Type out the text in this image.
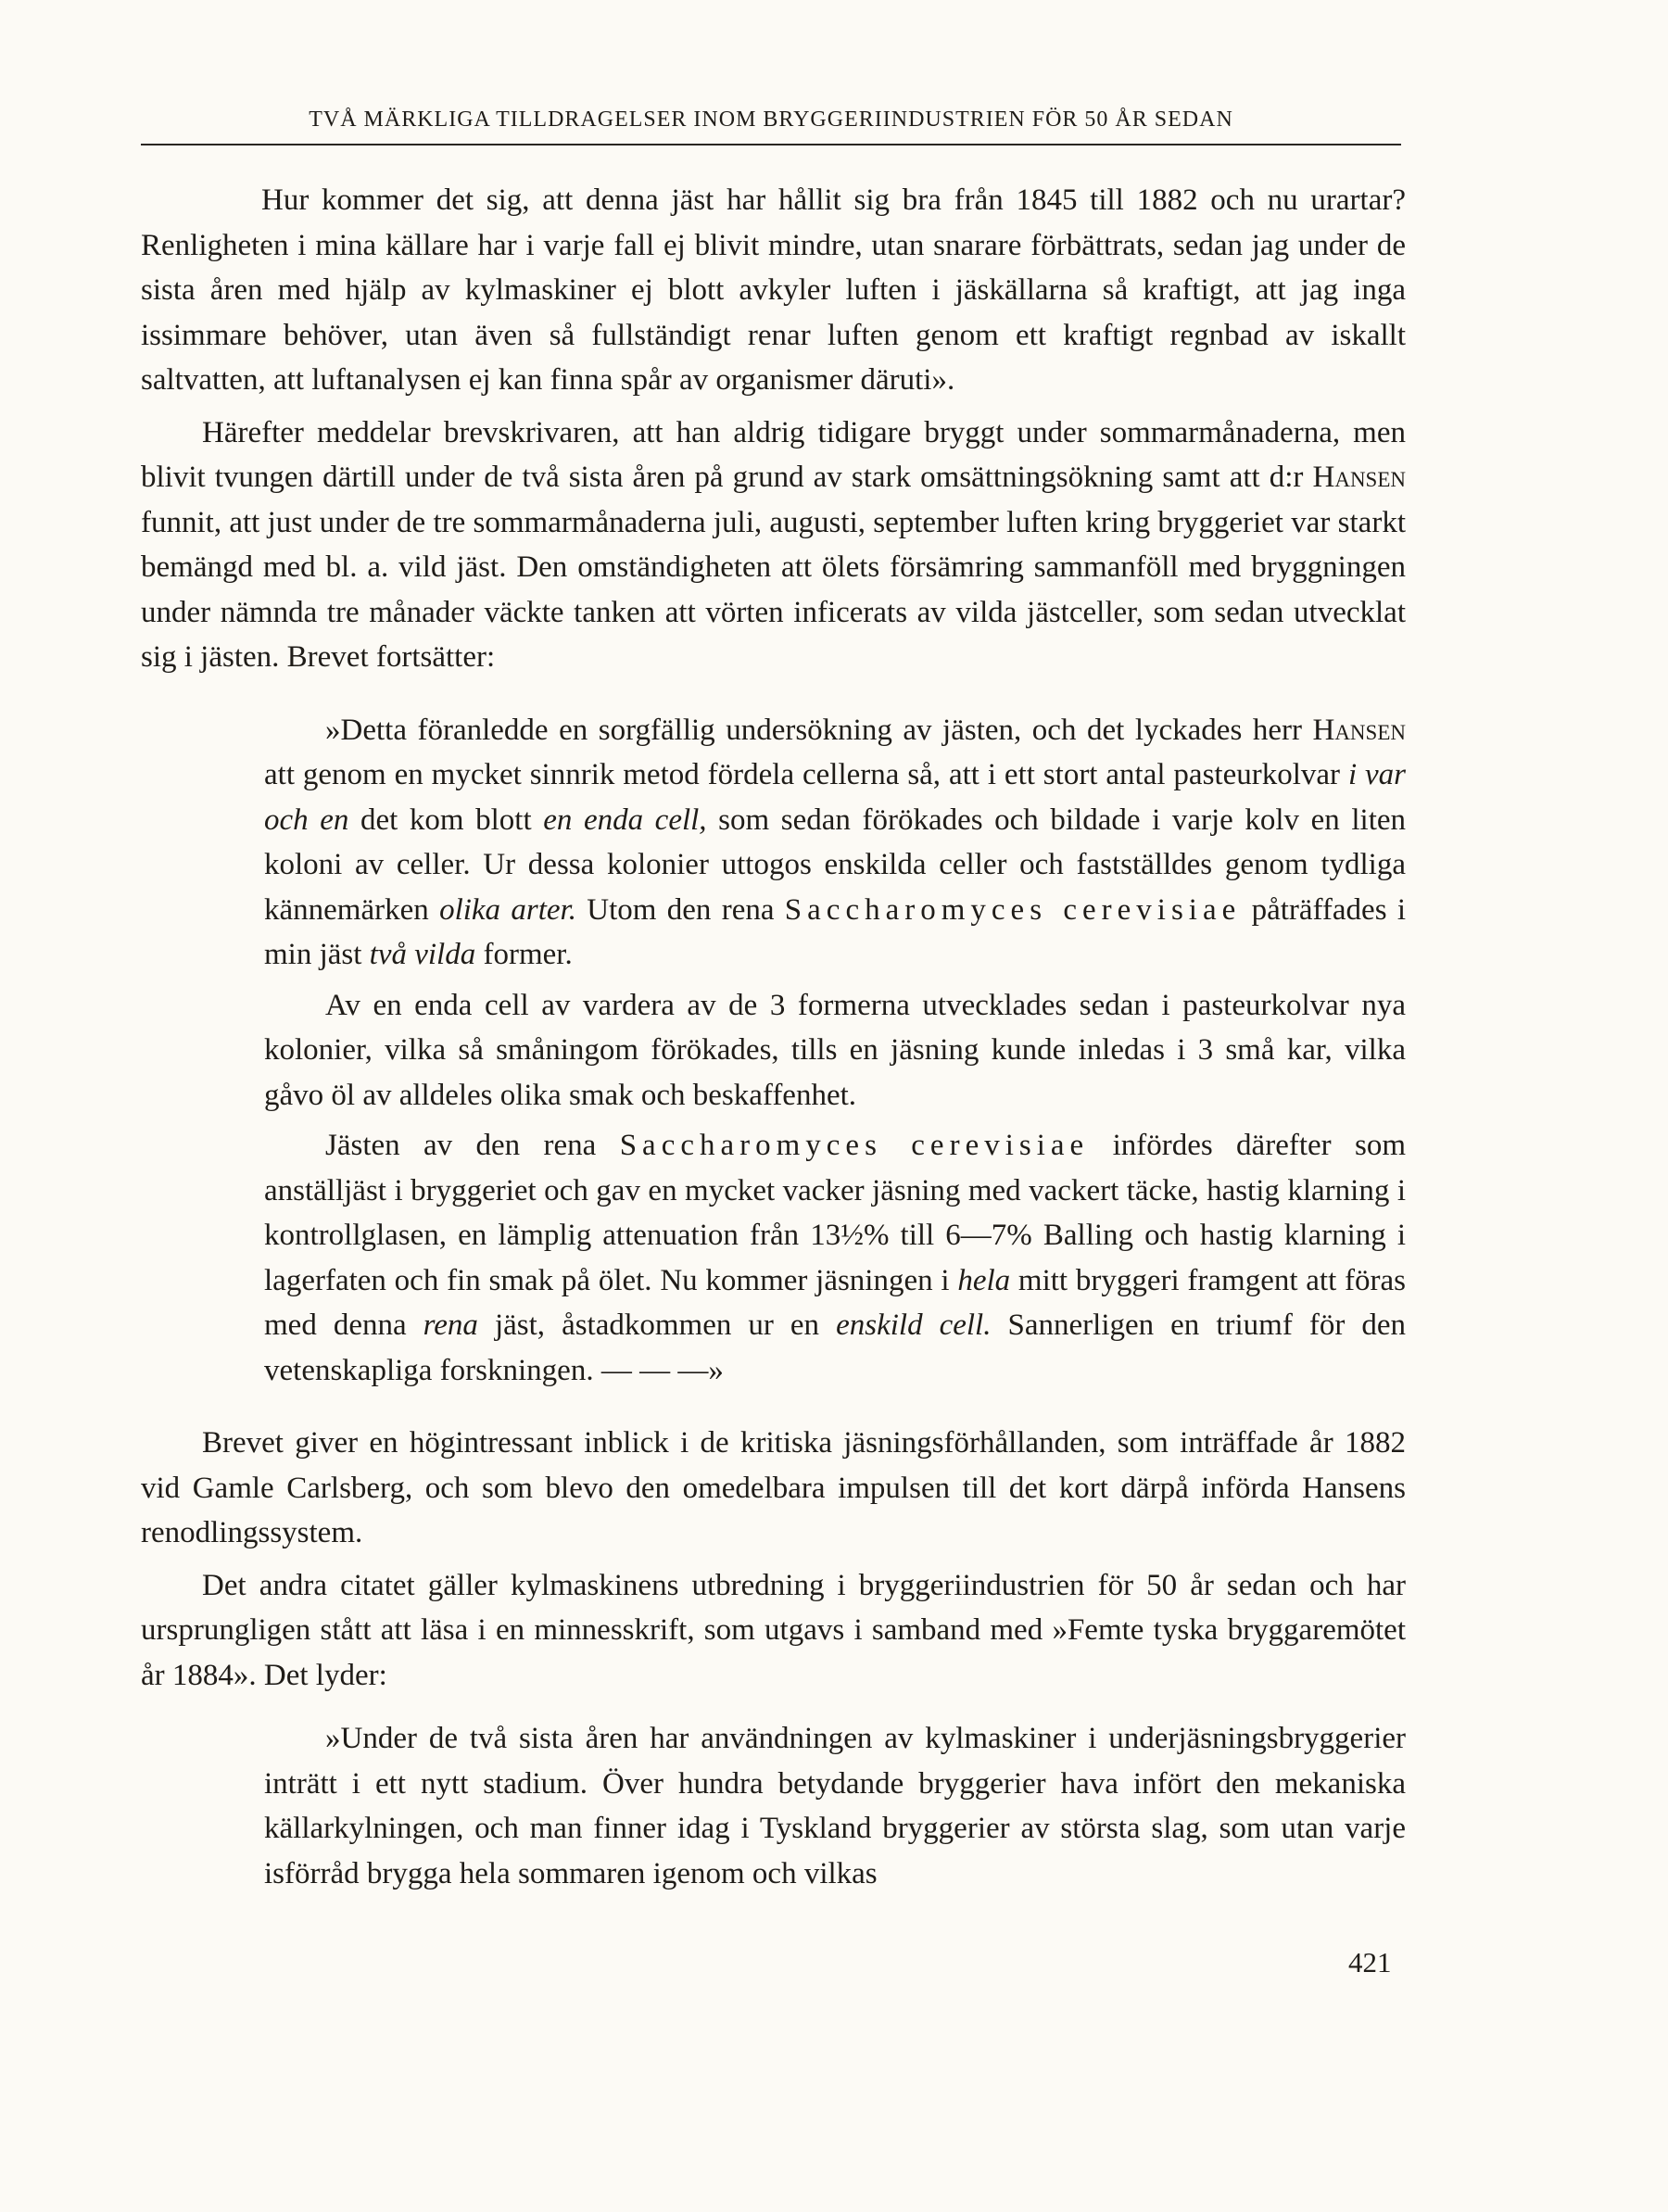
TVÅ MÄRKLIGA TILLDRAGELSER INOM BRYGGERIINDUSTRIEN FÖR 50 ÅR SEDAN

Hur kommer det sig, att denna jäst har hållit sig bra från 1845 till 1882 och nu urartar? Renligheten i mina källare har i varje fall ej blivit mindre, utan snarare förbättrats, sedan jag under de sista åren med hjälp av kylmaskiner ej blott avkyler luften i jäskällarna så kraftigt, att jag inga issimmare behöver, utan även så fullständigt renar luften genom ett kraftigt regnbad av iskallt saltvatten, att luftanalysen ej kan finna spår av organismer däruti».

Härefter meddelar brevskrivaren, att han aldrig tidigare bryggt under sommarmånaderna, men blivit tvungen därtill under de två sista åren på grund av stark omsättningsökning samt att d:r Hansen funnit, att just under de tre sommarmånaderna juli, augusti, september luften kring bryggeriet var starkt bemängd med bl. a. vild jäst. Den omständigheten att ölets försämring sammanföll med bryggningen under nämnda tre månader väckte tanken att vörten inficerats av vilda jästceller, som sedan utvecklat sig i jästen. Brevet fortsätter:

»Detta föranledde en sorgfällig undersökning av jästen, och det lyckades herr Hansen att genom en mycket sinnrik metod fördela cellerna så, att i ett stort antal pasteurkolvar i var och en det kom blott en enda cell, som sedan förökades och bildade i varje kolv en liten koloni av celler. Ur dessa kolonier uttogos enskilda celler och fastställdes genom tydliga kännemärken olika arter. Utom den rena Saccharomyces cerevisiae påträffades i min jäst två vilda former.

Av en enda cell av vardera av de 3 formerna utvecklades sedan i pasteurkolvar nya kolonier, vilka så småningom förökades, tills en jäsning kunde inledas i 3 små kar, vilka gåvo öl av alldeles olika smak och beskaffenhet.

Jästen av den rena Saccharomyces cerevisiae infördes därefter som anställjäst i bryggeriet och gav en mycket vacker jäsning med vackert täcke, hastig klarning i kontrollglasen, en lämplig attenuation från 13½% till 6—7% Balling och hastig klarning i lagerfaten och fin smak på ölet. Nu kommer jäsningen i hela mitt bryggeri framgent att föras med denna rena jäst, åstadkommen ur en enskild cell. Sannerligen en triumf för den vetenskapliga forskningen. — — —»

Brevet giver en högintressant inblick i de kritiska jäsningsförhållanden, som inträffade år 1882 vid Gamle Carlsberg, och som blevo den omedelbara impulsen till det kort därpå införda Hansens renodlingssystem.

Det andra citatet gäller kylmaskinens utbredning i bryggeriindustrien för 50 år sedan och har ursprungligen stått att läsa i en minnesskrift, som utgavs i samband med »Femte tyska bryggaremötet år 1884». Det lyder:

»Under de två sista åren har användningen av kylmaskiner i underjäsningsbryggerier inträtt i ett nytt stadium. Över hundra betydande bryggerier hava infört den mekaniska källarkylningen, och man finner idag i Tyskland bryggerier av största slag, som utan varje isförråd brygga hela sommaren igenom och vilkas

421
